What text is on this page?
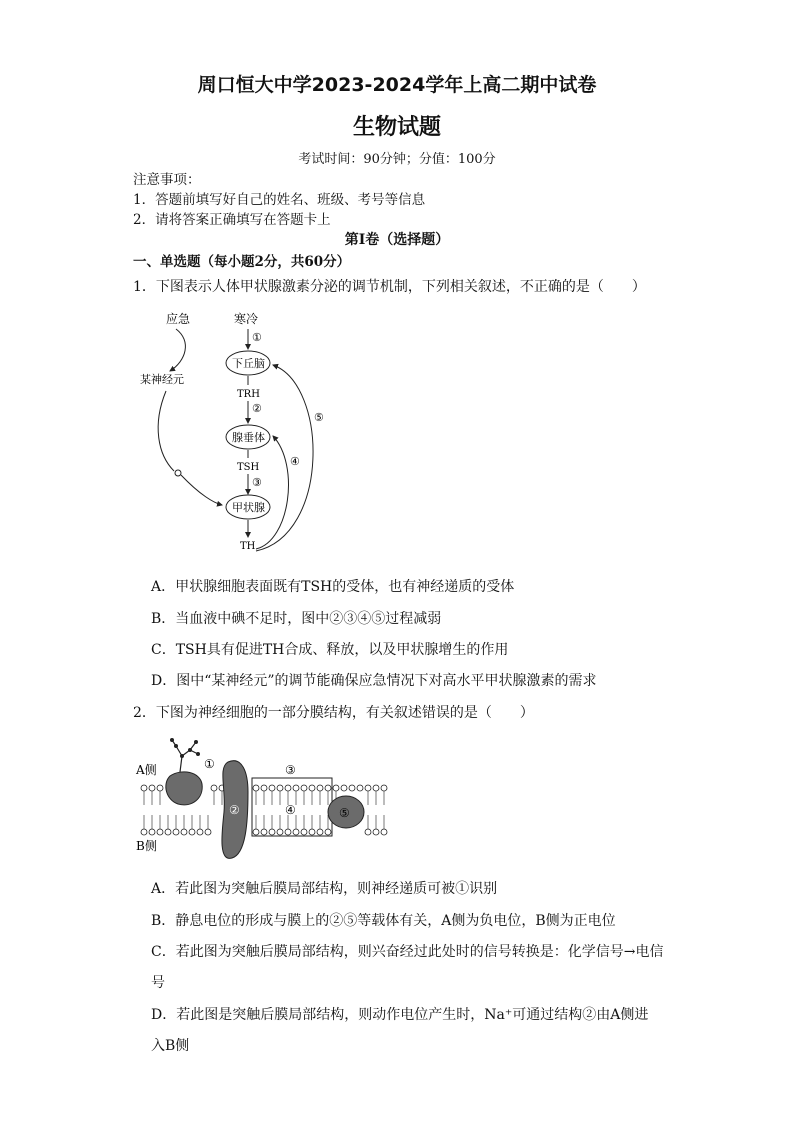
周口恒大中学2023-2024学年上高二期中试卷
生物试题
考试时间：90分钟；分值：100分
注意事项：
1．答题前填写好自己的姓名、班级、考号等信息
2．请将答案正确填写在答题卡上
第I卷（选择题）
一、单选题（每小题2分，共60分）
1．下图表示人体甲状腺激素分泌的调节机制，下列相关叙述，不正确的是（　　）
应急	寒冷
①
下丘脑
TRH
②
腺垂体
TSH
③
甲状腺
TH
某神经元
④
⑤
A．甲状腺细胞表面既有TSH的受体，也有神经递质的受体
B．当血液中碘不足时，图中②③④⑤过程减弱
C．TSH具有促进TH合成、释放，以及甲状腺增生的作用
D．图中“某神经元”的调节能确保应急情况下对高水平甲状腺激素的需求
2．下图为神经细胞的一部分膜结构，有关叙述错误的是（　　）
A侧
B侧
①
②
③
④	⑤
A．若此图为突触后膜局部结构，则神经递质可被①识别
B．静息电位的形成与膜上的②⑤等载体有关，A侧为负电位，B侧为正电位
C．若此图为突触后膜局部结构，则兴奋经过此处时的信号转换是：化学信号→电信
号
D．若此图是突触后膜局部结构，则动作电位产生时，Na⁺可通过结构②由A侧进
入B侧
